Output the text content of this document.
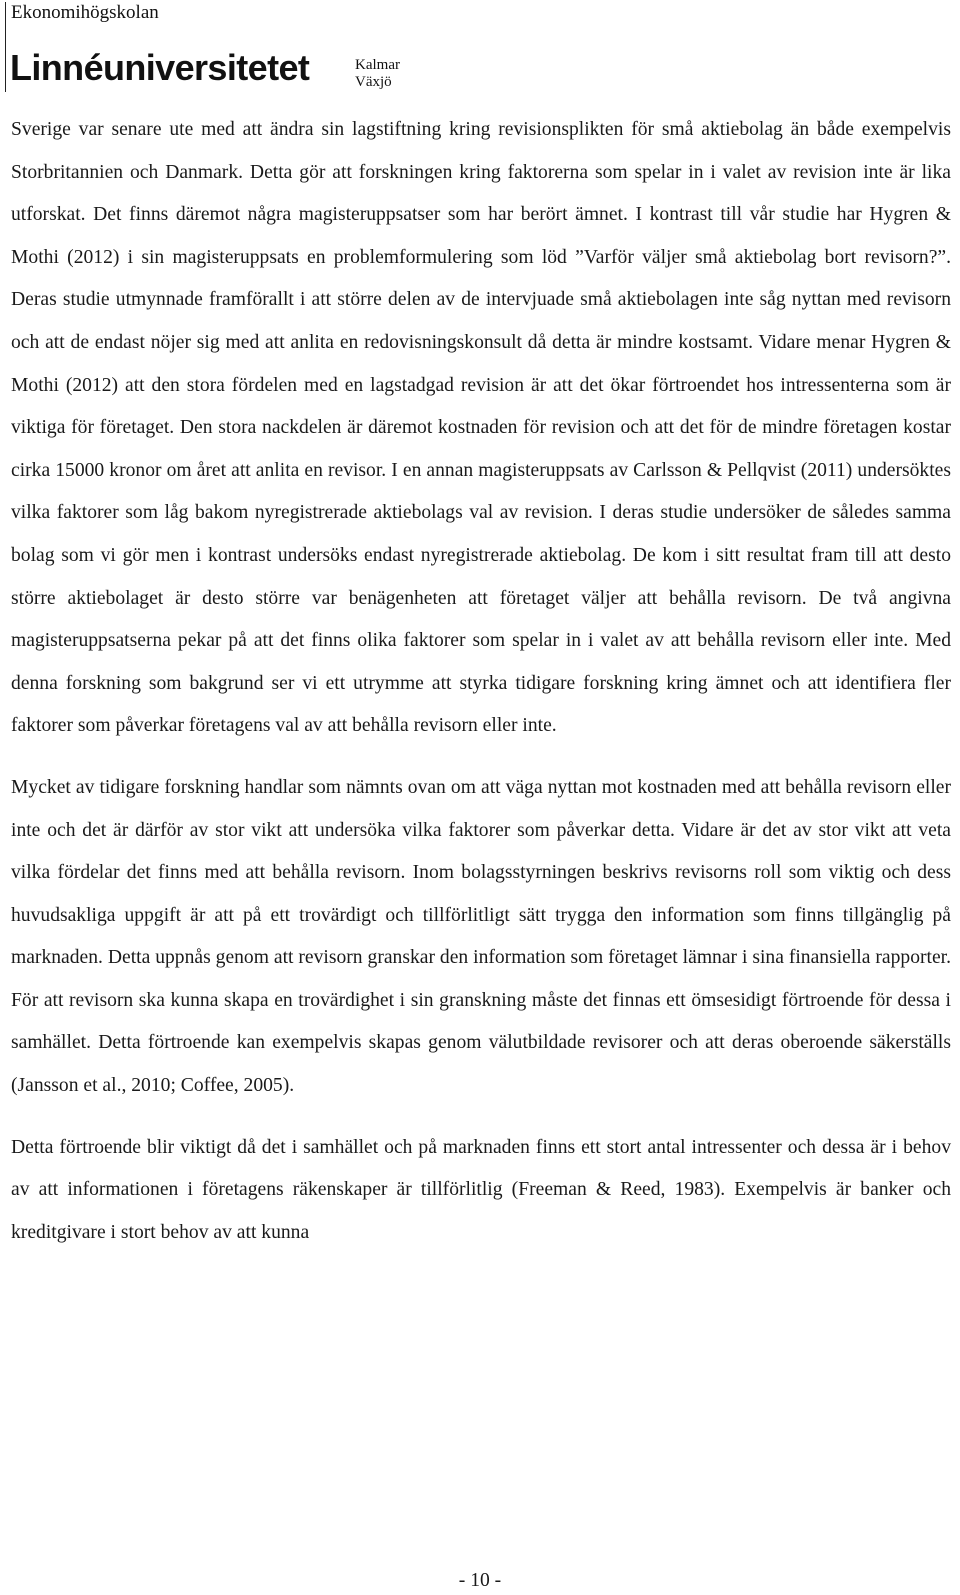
Ekonomihögskolan
Linnéuniversitetet	Kalmar
Växjö

Sverige var senare ute med att ändra sin lagstiftning kring revisionsplikten för små aktiebolag än både exempelvis Storbritannien och Danmark. Detta gör att forskningen kring faktorerna som spelar in i valet av revision inte är lika utforskat. Det finns däremot några magisteruppsatser som har berört ämnet. I kontrast till vår studie har Hygren & Mothi (2012) i sin magisteruppsats en problemformulering som löd ”Varför väljer små aktiebolag bort revisorn?”. Deras studie utmynnade framförallt i att större delen av de intervjuade små aktiebolagen inte såg nyttan med revisorn och att de endast nöjer sig med att anlita en redovisningskonsult då detta är mindre kostsamt. Vidare menar Hygren & Mothi (2012) att den stora fördelen med en lagstadgad revision är att det ökar förtroendet hos intressenterna som är viktiga för företaget. Den stora nackdelen är däremot kostnaden för revision och att det för de mindre företagen kostar cirka 15000 kronor om året att anlita en revisor. I en annan magisteruppsats av Carlsson & Pellqvist (2011) undersöktes vilka faktorer som låg bakom nyregistrerade aktiebolags val av revision. I deras studie undersöker de således samma bolag som vi gör men i kontrast undersöks endast nyregistrerade aktiebolag. De kom i sitt resultat fram till att desto större aktiebolaget är desto större var benägenheten att företaget väljer att behålla revisorn. De två angivna magisteruppsatserna pekar på att det finns olika faktorer som spelar in i valet av att behålla revisorn eller inte. Med denna forskning som bakgrund ser vi ett utrymme att styrka tidigare forskning kring ämnet och att identifiera fler faktorer som påverkar företagens val av att behålla revisorn eller inte.

Mycket av tidigare forskning handlar som nämnts ovan om att väga nyttan mot kostnaden med att behålla revisorn eller inte och det är därför av stor vikt att undersöka vilka faktorer som påverkar detta. Vidare är det av stor vikt att veta vilka fördelar det finns med att behålla revisorn. Inom bolagsstyrningen beskrivs revisorns roll som viktig och dess huvudsakliga uppgift är att på ett trovärdigt och tillförlitligt sätt trygga den information som finns tillgänglig på marknaden. Detta uppnås genom att revisorn granskar den information som företaget lämnar i sina finansiella rapporter. För att revisorn ska kunna skapa en trovärdighet i sin granskning måste det finnas ett ömsesidigt förtroende för dessa i samhället. Detta förtroende kan exempelvis skapas genom välutbildade revisorer och att deras oberoende säkerställs (Jansson et al., 2010; Coffee, 2005).

Detta förtroende blir viktigt då det i samhället och på marknaden finns ett stort antal intressenter och dessa är i behov av att informationen i företagens räkenskaper är tillförlitlig (Freeman & Reed, 1983). Exempelvis är banker och kreditgivare i stort behov av att kunna

- 10 -
